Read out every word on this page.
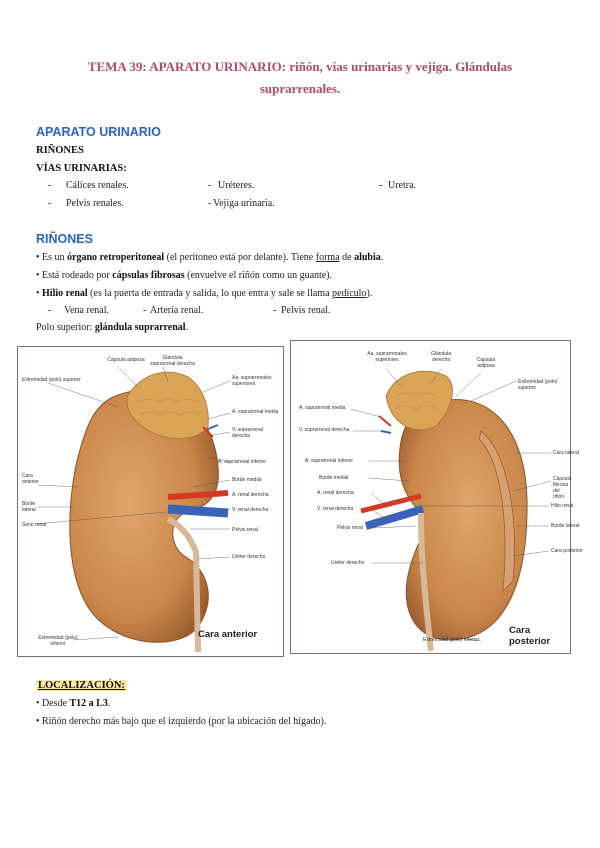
TEMA 39: APARATO URINARIO: riñón, vías urinarias y vejiga. Glándulas
suprarrenales.
APARATO URINARIO
RIÑONES
VÍAS URINARIAS:
- Cálices renales.	- Uréteres.	- Uretra.
- Pelvis renales.	- Vejiga urinaria.
RIÑONES
• Es un órgano retroperitoneal (el peritoneo está por delante). Tiene forma de alubia.
• Está rodeado por cápsulas fibrosas (envuelve el riñón como un guante).
• Hilio renal (es la puerta de entrada y salida, lo que entra y sale se llama pedículo).
- Vena renal.	- Arteria renal.	- Pelvis renal.
Polo superior: glándula suprarrenal.
Extremidad (polo) superior
Cápsula adiposa	Glándula suprarrenal derecha
Aa. suprarrenales superiores
A. suprarrenal media
V. suprarrenal derecha
A. suprarrenal inferior
Borde medial
A. renal derecha
V. renal derecha
Cara anterior
Borde lateral
Seno renal
Pelvis renal
Uréter derecho
Extremidad (polo) inferior
Cara anterior
Aa. suprarrenales superiores
Glándula derecha	Cápsula adiposa
Extremidad (polo) superior
A. suprarrenal media
V. suprarrenal derecha
Cara lateral
Cápsula fibrosa del riñón
A. suprarrenal inferior
Borde medial
A. renal derecha
V. renal derecha	Hilio renal
Borde lateral
Pelvis renal
Cara posterior
Uréter derecho
Extremidad (polo) inferior
Cara posterior
LOCALIZACIÓN:
• Desde T12 a L3.
• Riñón derecho más bajo que el izquierdo (por la ubicación del hígado).
